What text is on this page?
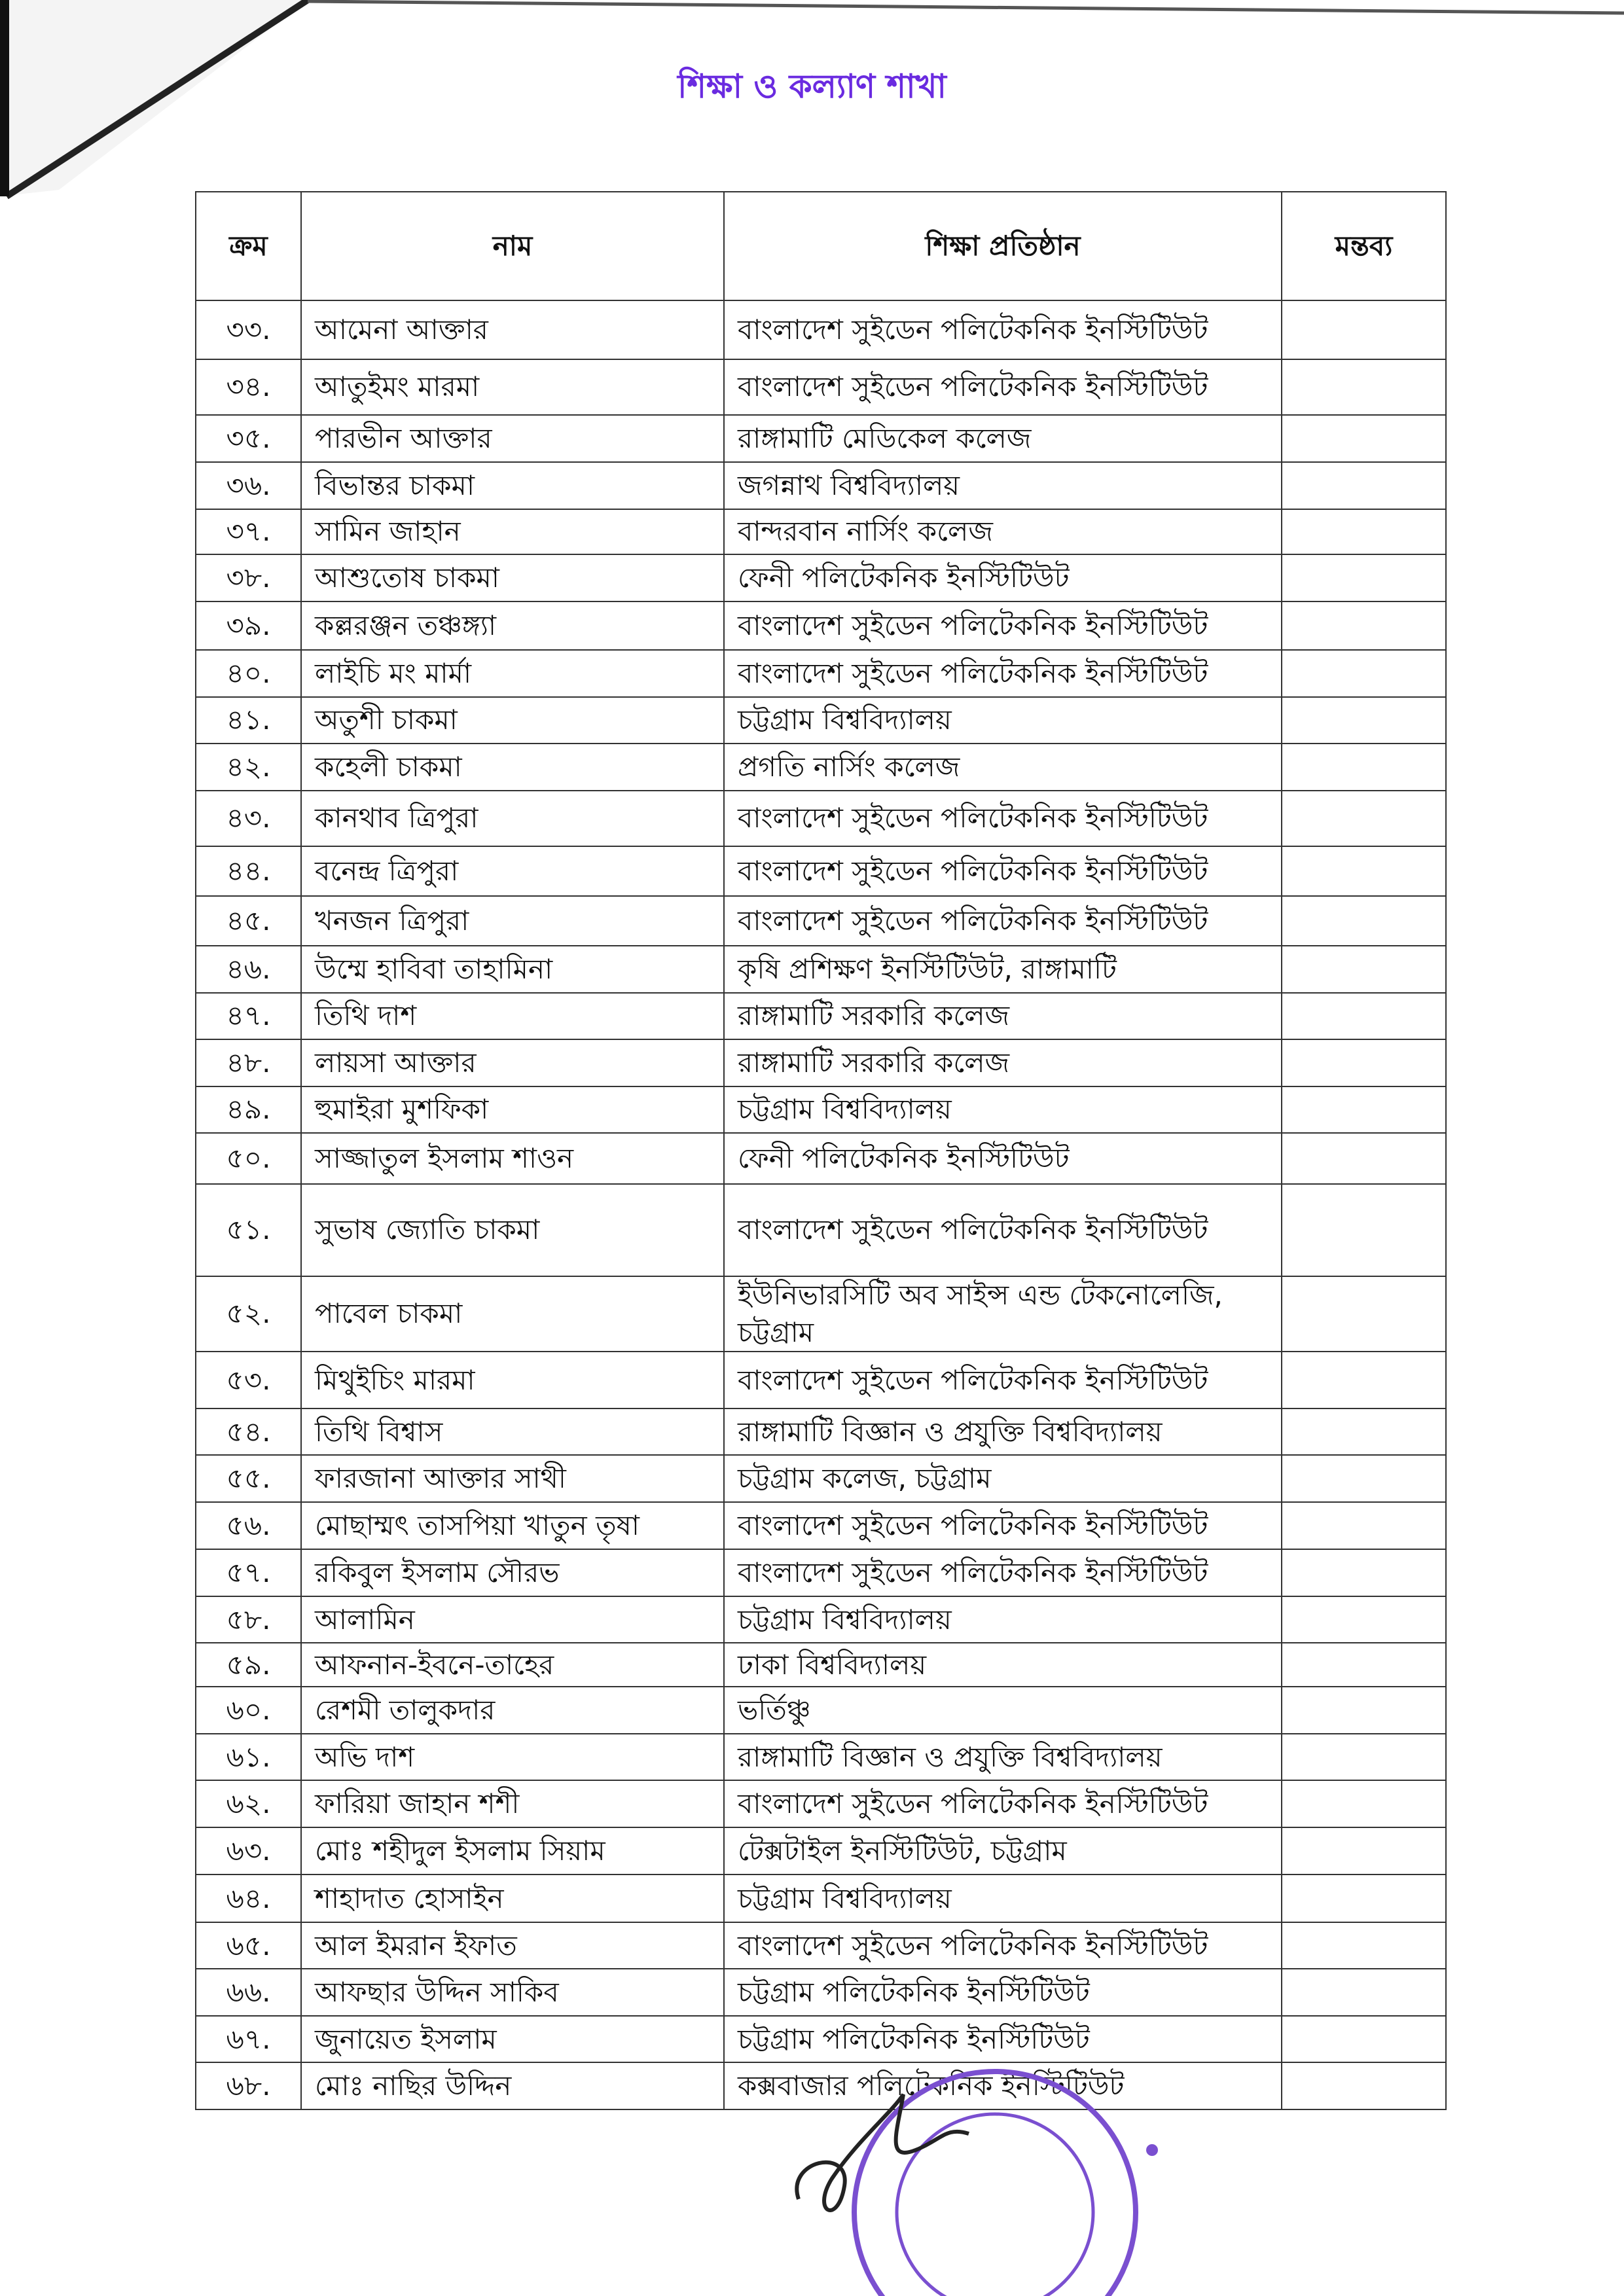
শিক্ষা ও কল্যাণ শাখা
ক্রম	নাম	শিক্ষা প্রতিষ্ঠান	মন্তব্য
৩৩.	আমেনা আক্তার	বাংলাদেশ সুইডেন পলিটেকনিক ইনস্টিটিউট	
৩৪.	আতুইমং মারমা	বাংলাদেশ সুইডেন পলিটেকনিক ইনস্টিটিউট	
৩৫.	পারভীন আক্তার	রাঙ্গামাটি মেডিকেল কলেজ	
৩৬.	বিভান্তর চাকমা	জগন্নাথ বিশ্ববিদ্যালয়	
৩৭.	সামিন জাহান	বান্দরবান নার্সিং কলেজ	
৩৮.	আশুতোষ চাকমা	ফেনী পলিটেকনিক ইনস্টিটিউট	
৩৯.	কল্লরঞ্জন তঞ্চঙ্গ্যা	বাংলাদেশ সুইডেন পলিটেকনিক ইনস্টিটিউট	
৪০.	লাইচি মং মার্মা	বাংলাদেশ সুইডেন পলিটেকনিক ইনস্টিটিউট	
৪১.	অতুশী চাকমা	চট্টগ্রাম বিশ্ববিদ্যালয়	
৪২.	কহেলী চাকমা	প্রগতি নার্সিং কলেজ	
৪৩.	কানথাব ত্রিপুরা	বাংলাদেশ সুইডেন পলিটেকনিক ইনস্টিটিউট	
৪৪.	বনেন্দ্র ত্রিপুরা	বাংলাদেশ সুইডেন পলিটেকনিক ইনস্টিটিউট	
৪৫.	খনজন ত্রিপুরা	বাংলাদেশ সুইডেন পলিটেকনিক ইনস্টিটিউট	
৪৬.	উম্মে হাবিবা তাহামিনা	কৃষি প্রশিক্ষণ ইনস্টিটিউট, রাঙ্গামাটি	
৪৭.	তিথি দাশ	রাঙ্গামাটি সরকারি কলেজ	
৪৮.	লায়সা আক্তার	রাঙ্গামাটি সরকারি কলেজ	
৪৯.	হুমাইরা মুশফিকা	চট্টগ্রাম বিশ্ববিদ্যালয়	
৫০.	সাজ্জাতুল ইসলাম শাওন	ফেনী পলিটেকনিক ইনস্টিটিউট	
৫১.	সুভাষ জ্যোতি চাকমা	বাংলাদেশ সুইডেন পলিটেকনিক ইনস্টিটিউট	
৫২.	পাবেল চাকমা	ইউনিভারসিটি অব সাইন্স এন্ড টেকনোলেজি, চট্টগ্রাম	
৫৩.	মিথুইচিং মারমা	বাংলাদেশ সুইডেন পলিটেকনিক ইনস্টিটিউট	
৫৪.	তিথি বিশ্বাস	রাঙ্গামাটি বিজ্ঞান ও প্রযুক্তি বিশ্ববিদ্যালয়	
৫৫.	ফারজানা আক্তার সাথী	চট্টগ্রাম কলেজ, চট্টগ্রাম	
৫৬.	মোছাম্মৎ তাসপিয়া খাতুন তৃষা	বাংলাদেশ সুইডেন পলিটেকনিক ইনস্টিটিউট	
৫৭.	রকিবুল ইসলাম সৌরভ	বাংলাদেশ সুইডেন পলিটেকনিক ইনস্টিটিউট	
৫৮.	আলামিন	চট্টগ্রাম বিশ্ববিদ্যালয়	
৫৯.	আফনান-ইবনে-তাহের	ঢাকা বিশ্ববিদ্যালয়	
৬০.	রেশমী তালুকদার	ভর্তিঞ্চু	
৬১.	অভি দাশ	রাঙ্গামাটি বিজ্ঞান ও প্রযুক্তি বিশ্ববিদ্যালয়	
৬২.	ফারিয়া জাহান শশী	বাংলাদেশ সুইডেন পলিটেকনিক ইনস্টিটিউট	
৬৩.	মোঃ শহীদুল ইসলাম সিয়াম	টেক্সটাইল ইনস্টিটিউট, চট্টগ্রাম	
৬৪.	শাহাদাত হোসাইন	চট্টগ্রাম বিশ্ববিদ্যালয়	
৬৫.	আল ইমরান ইফাত	বাংলাদেশ সুইডেন পলিটেকনিক ইনস্টিটিউট	
৬৬.	আফছার উদ্দিন সাকিব	চট্টগ্রাম পলিটেকনিক ইনস্টিটিউট	
৬৭.	জুনায়েত ইসলাম	চট্টগ্রাম পলিটেকনিক ইনস্টিটিউট	
৬৮.	মোঃ নাছির উদ্দিন	কক্সবাজার পলিটেকনিক ইনস্টিটিউট	
